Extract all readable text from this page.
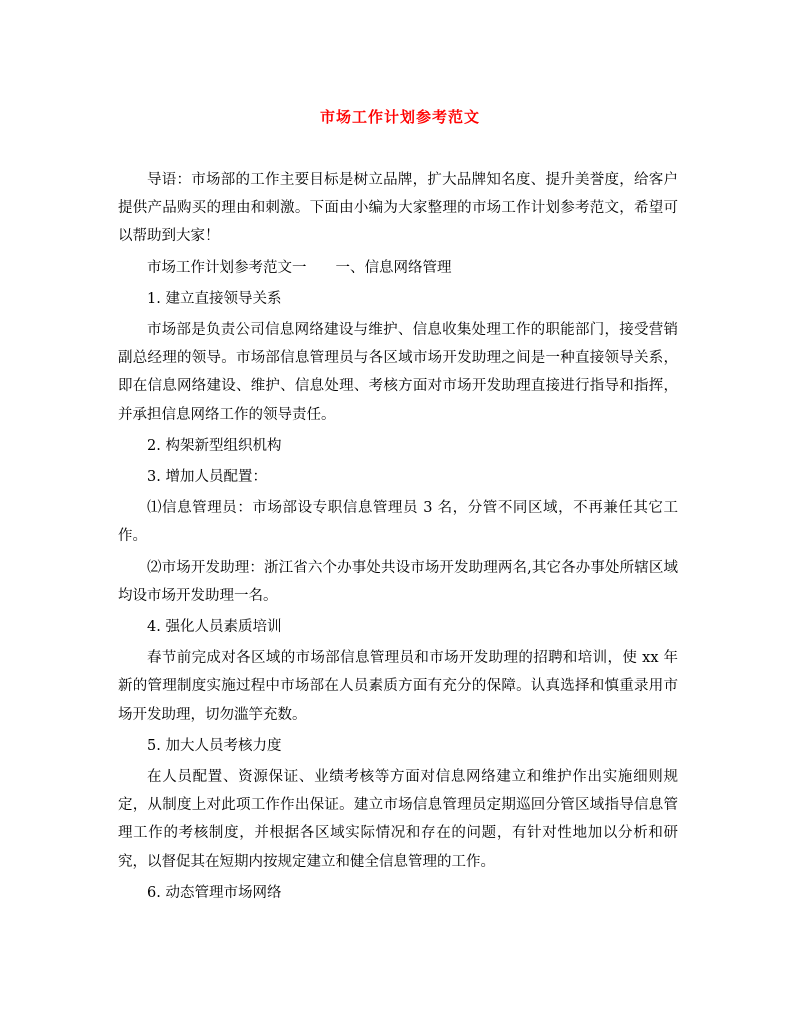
市场工作计划参考范文

导语：市场部的工作主要目标是树立品牌，扩大品牌知名度、提升美誉度，给客户提供产品购买的理由和刺激。下面由小编为大家整理的市场工作计划参考范文，希望可以帮助到大家！

市场工作计划参考范文一　　一、信息网络管理

1. 建立直接领导关系

市场部是负责公司信息网络建设与维护、信息收集处理工作的职能部门，接受营销副总经理的领导。市场部信息管理员与各区域市场开发助理之间是一种直接领导关系，即在信息网络建设、维护、信息处理、考核方面对市场开发助理直接进行指导和指挥，并承担信息网络工作的领导责任。

2. 构架新型组织机构

3. 增加人员配置：

⑴信息管理员：市场部设专职信息管理员 3 名，分管不同区域，不再兼任其它工作。

⑵市场开发助理：浙江省六个办事处共设市场开发助理两名,其它各办事处所辖区域均设市场开发助理一名。

4. 强化人员素质培训

春节前完成对各区域的市场部信息管理员和市场开发助理的招聘和培训，使 xx 年新的管理制度实施过程中市场部在人员素质方面有充分的保障。认真选择和慎重录用市场开发助理，切勿滥竽充数。

5. 加大人员考核力度

在人员配置、资源保证、业绩考核等方面对信息网络建立和维护作出实施细则规定，从制度上对此项工作作出保证。建立市场信息管理员定期巡回分管区域指导信息管理工作的考核制度，并根据各区域实际情况和存在的问题，有针对性地加以分析和研究，以督促其在短期内按规定建立和健全信息管理的工作。

6. 动态管理市场网络
